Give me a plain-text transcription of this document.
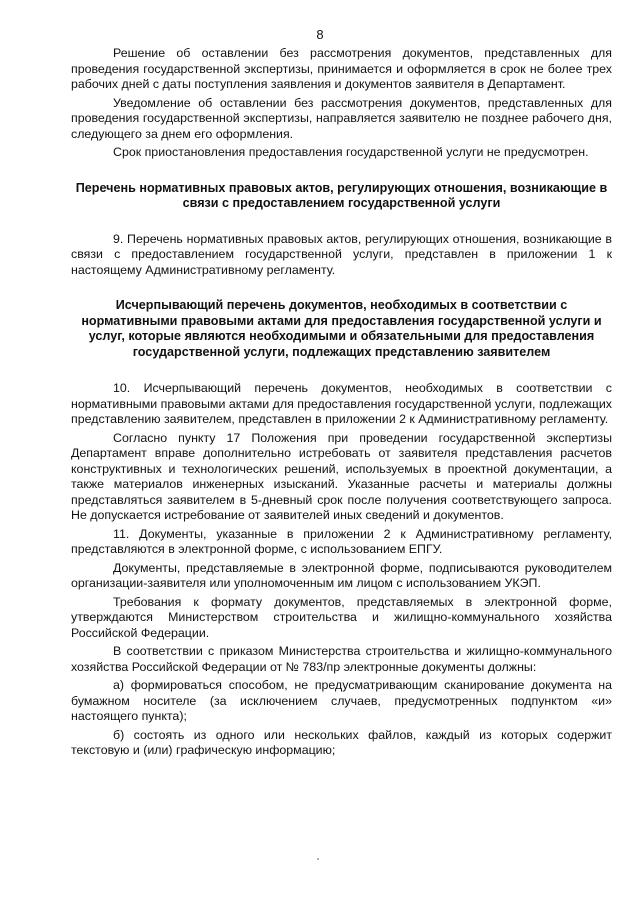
8

Решение об оставлении без рассмотрения документов, представленных для проведения государственной экспертизы, принимается и оформляется в срок не более трех рабочих дней с даты поступления заявления и документов заявителя в Департамент.

Уведомление об оставлении без рассмотрения документов, представленных для проведения государственной экспертизы, направляется заявителю не позднее рабочего дня, следующего за днем его оформления.

Срок приостановления предоставления государственной услуги не предусмотрен.

Перечень нормативных правовых актов, регулирующих отношения, возникающие в связи с предоставлением государственной услуги

9. Перечень нормативных правовых актов, регулирующих отношения, возникающие в связи с предоставлением государственной услуги, представлен в приложении 1 к настоящему Административному регламенту.

Исчерпывающий перечень документов, необходимых в соответствии с нормативными правовыми актами для предоставления государственной услуги и услуг, которые являются необходимыми и обязательными для предоставления государственной услуги, подлежащих представлению заявителем

10. Исчерпывающий перечень документов, необходимых в соответствии с нормативными правовыми актами для предоставления государственной услуги, подлежащих представлению заявителем, представлен в приложении 2 к Административному регламенту.

Согласно пункту 17 Положения при проведении государственной экспертизы Департамент вправе дополнительно истребовать от заявителя представления расчетов конструктивных и технологических решений, используемых в проектной документации, а также материалов инженерных изысканий. Указанные расчеты и материалы должны представляться заявителем в 5-дневный срок после получения соответствующего запроса. Не допускается истребование от заявителей иных сведений и документов.

11. Документы, указанные в приложении 2 к Административному регламенту, представляются в электронной форме, с использованием ЕПГУ.

Документы, представляемые в электронной форме, подписываются руководителем организации-заявителя или уполномоченным им лицом с использованием УКЭП.

Требования к формату документов, представляемых в электронной форме, утверждаются Министерством строительства и жилищно-коммунального хозяйства Российской Федерации.

В соответствии с приказом Министерства строительства и жилищно-коммунального хозяйства Российской Федерации от № 783/пр электронные документы должны:

а) формироваться способом, не предусматривающим сканирование документа на бумажном носителе (за исключением случаев, предусмотренных подпунктом «и» настоящего пункта);

б) состоять из одного или нескольких файлов, каждый из которых содержит текстовую и (или) графическую информацию;
